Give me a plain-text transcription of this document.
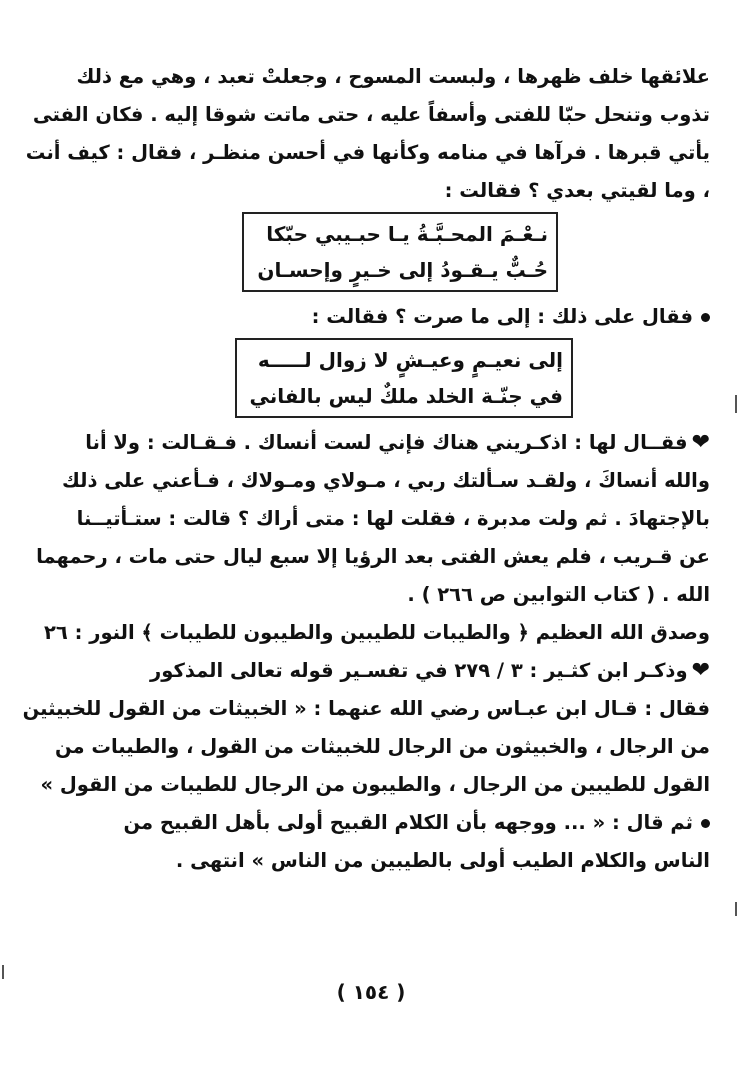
علائقها خلف ظهرها ، ولبست المسوح ، وجعلتْ تعبد ، وهي مع ذلك
تذوب وتنحل حبّا للفتى وأسفاً عليه ، حتى ماتت شوقا إليه . فكان الفتى
يأتي قبرها . فرآها في منامه وكأنها في أحسن منظـر ، فقال : كيف أنت
، وما لقيتي بعدي ؟ فقالت :
نـعْـمَ المحـبَّـةُ يـا حبـيبي حبّكا
حُـبٌّ يـقـودُ إلى خـيرٍ وإحسـان
فقال على ذلك : إلى ما صرت ؟ فقالت :
إلى نعيـمٍ وعيـشٍ لا زوال لـــــه
في جنّـة الخلد ملكٌ ليس بالفاني
❤فقــال لها : اذكـريني هناك فإني لست أنساك . فـقـالت : ولا أنا
والله أنساكَ ، ولقـد سـألتك ربي ، مـولاي ومـولاك ، فـأعني على ذلك
بالإجتهادَ . ثم ولت مدبرة ، فقلت لها : متى أراك ؟ قالت : ستـأتيــنا
عن قـريب ، فلم يعش الفتى بعد الرؤيا إلا سبع ليال حتى مات ، رحمهما
الله . ( كتاب التوابين ص ٢٦٦ ) .
وصدق الله العظيم ﴿ والطيبات للطيبين والطيبون للطيبات ﴾ النور : ٢٦
❤وذكـر ابن كثـير : ٣ / ٢٧٩ في تفسـير قوله تعالى المذكور
فقال : قـال ابن عبـاس رضي الله عنهما : « الخبيثات من القول للخبيثين
من الرجال ، والخبيثون من الرجال للخبيثات من القول ، والطيبات من
القول للطيبين من الرجال ، والطيبون من الرجال للطيبات من القول »
ثم قال : « ... ووجهه بأن الكلام القبيح أولى بأهل القبيح من
الناس والكلام الطيب أولى بالطيبين من الناس » انتهى .
( ١٥٤ )
